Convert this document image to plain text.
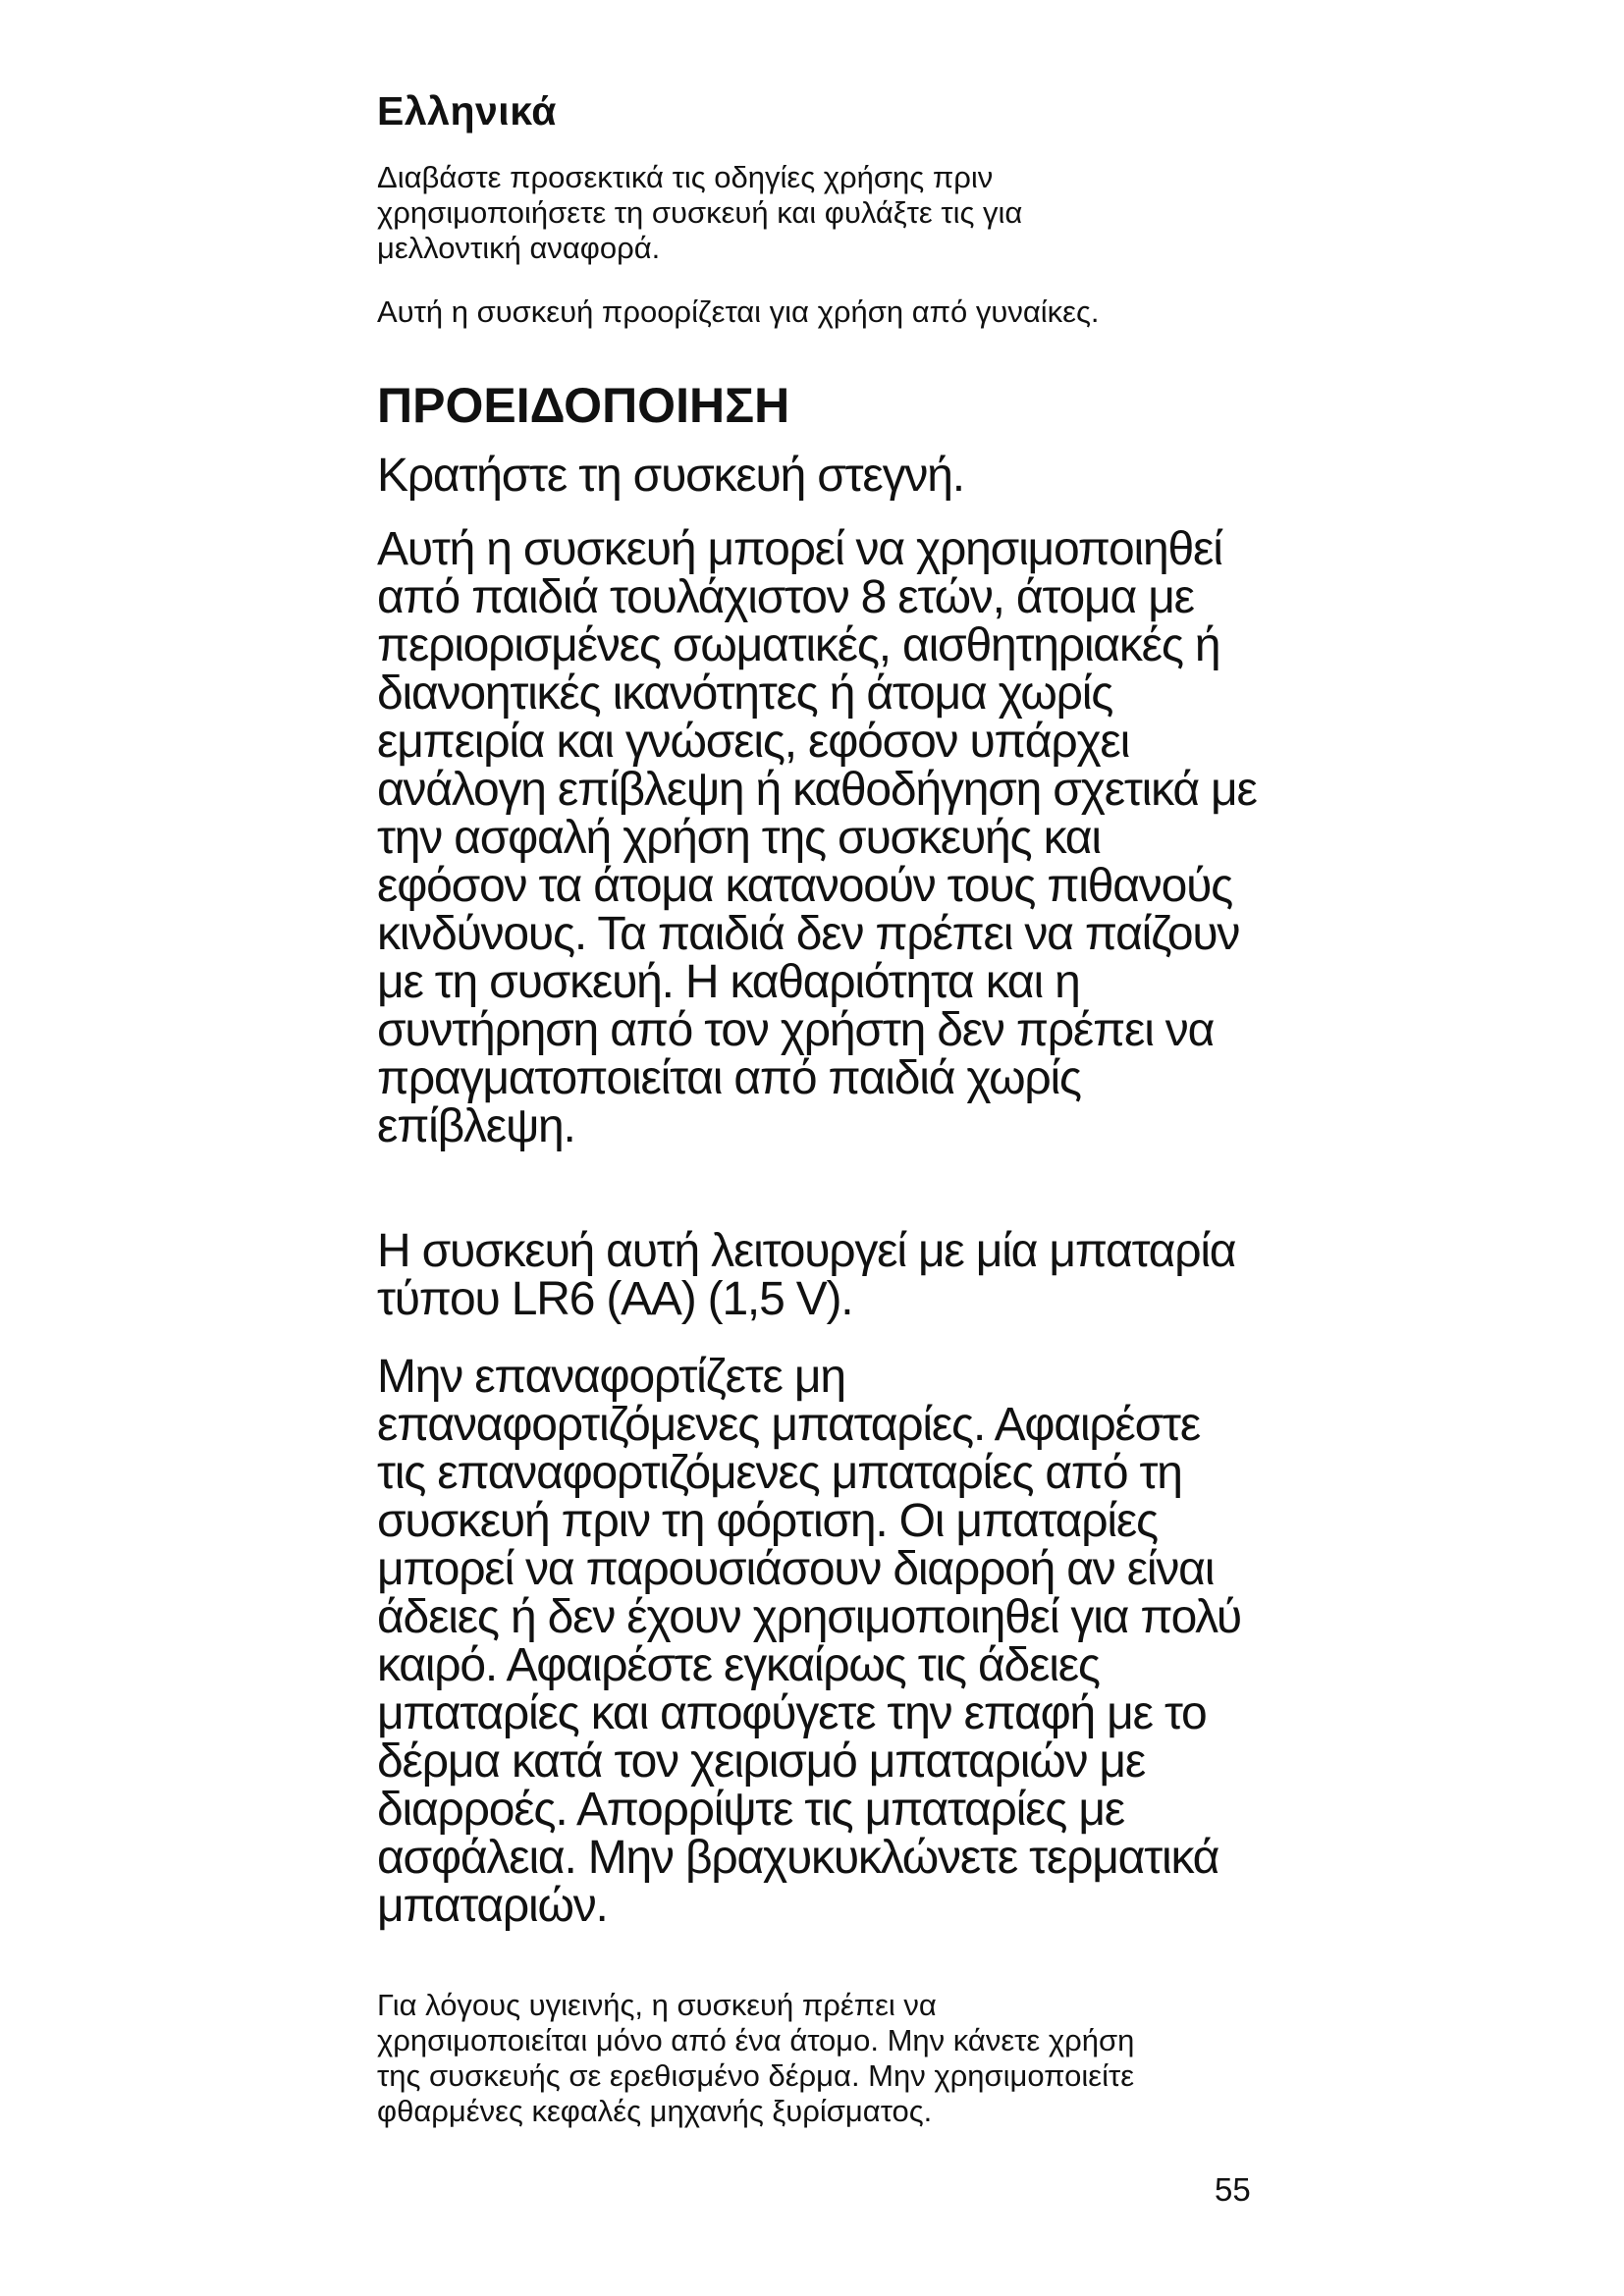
Ελληνικά

Διαβάστε προσεκτικά τις οδηγίες χρήσης πριν
χρησιμοποιήσετε τη συσκευή και φυλάξτε τις για
μελλοντική αναφορά.

Αυτή η συσκευή προορίζεται για χρήση από γυναίκες.

ΠΡΟΕΙΔΟΠΟΙΗΣΗ

Κρατήστε τη συσκευή στεγνή.

Αυτή η συσκευή μπορεί να χρησιμοποιηθεί
από παιδιά τουλάχιστον 8 ετών, άτομα με
περιορισμένες σωματικές, αισθητηριακές ή
διανοητικές ικανότητες ή άτομα χωρίς
εμπειρία και γνώσεις, εφόσον υπάρχει
ανάλογη επίβλεψη ή καθοδήγηση σχετικά με
την ασφαλή χρήση της συσκευής και
εφόσον τα άτομα κατανοούν τους πιθανούς
κινδύνους. Τα παιδιά δεν πρέπει να παίζουν
με τη συσκευή. Η καθαριότητα και η
συντήρηση από τον χρήστη δεν πρέπει να
πραγματοποιείται από παιδιά χωρίς
επίβλεψη.

Η συσκευή αυτή λειτουργεί με μία μπαταρία
τύπου LR6 (AA) (1,5 V).

Μην επαναφορτίζετε μη
επαναφορτιζόμενες μπαταρίες. Αφαιρέστε
τις επαναφορτιζόμενες μπαταρίες από τη
συσκευή πριν τη φόρτιση. Οι μπαταρίες
μπορεί να παρουσιάσουν διαρροή αν είναι
άδειες ή δεν έχουν χρησιμοποιηθεί για πολύ
καιρό. Αφαιρέστε εγκαίρως τις άδειες
μπαταρίες και αποφύγετε την επαφή με το
δέρμα κατά τον χειρισμό μπαταριών με
διαρροές. Απορρίψτε τις μπαταρίες με
ασφάλεια. Μην βραχυκυκλώνετε τερματικά
μπαταριών.

Για λόγους υγιεινής, η συσκευή πρέπει να
χρησιμοποιείται μόνο από ένα άτομο. Μην κάνετε χρήση
της συσκευής σε ερεθισμένο δέρμα. Μην χρησιμοποιείτε
φθαρμένες κεφαλές μηχανής ξυρίσματος.

55
